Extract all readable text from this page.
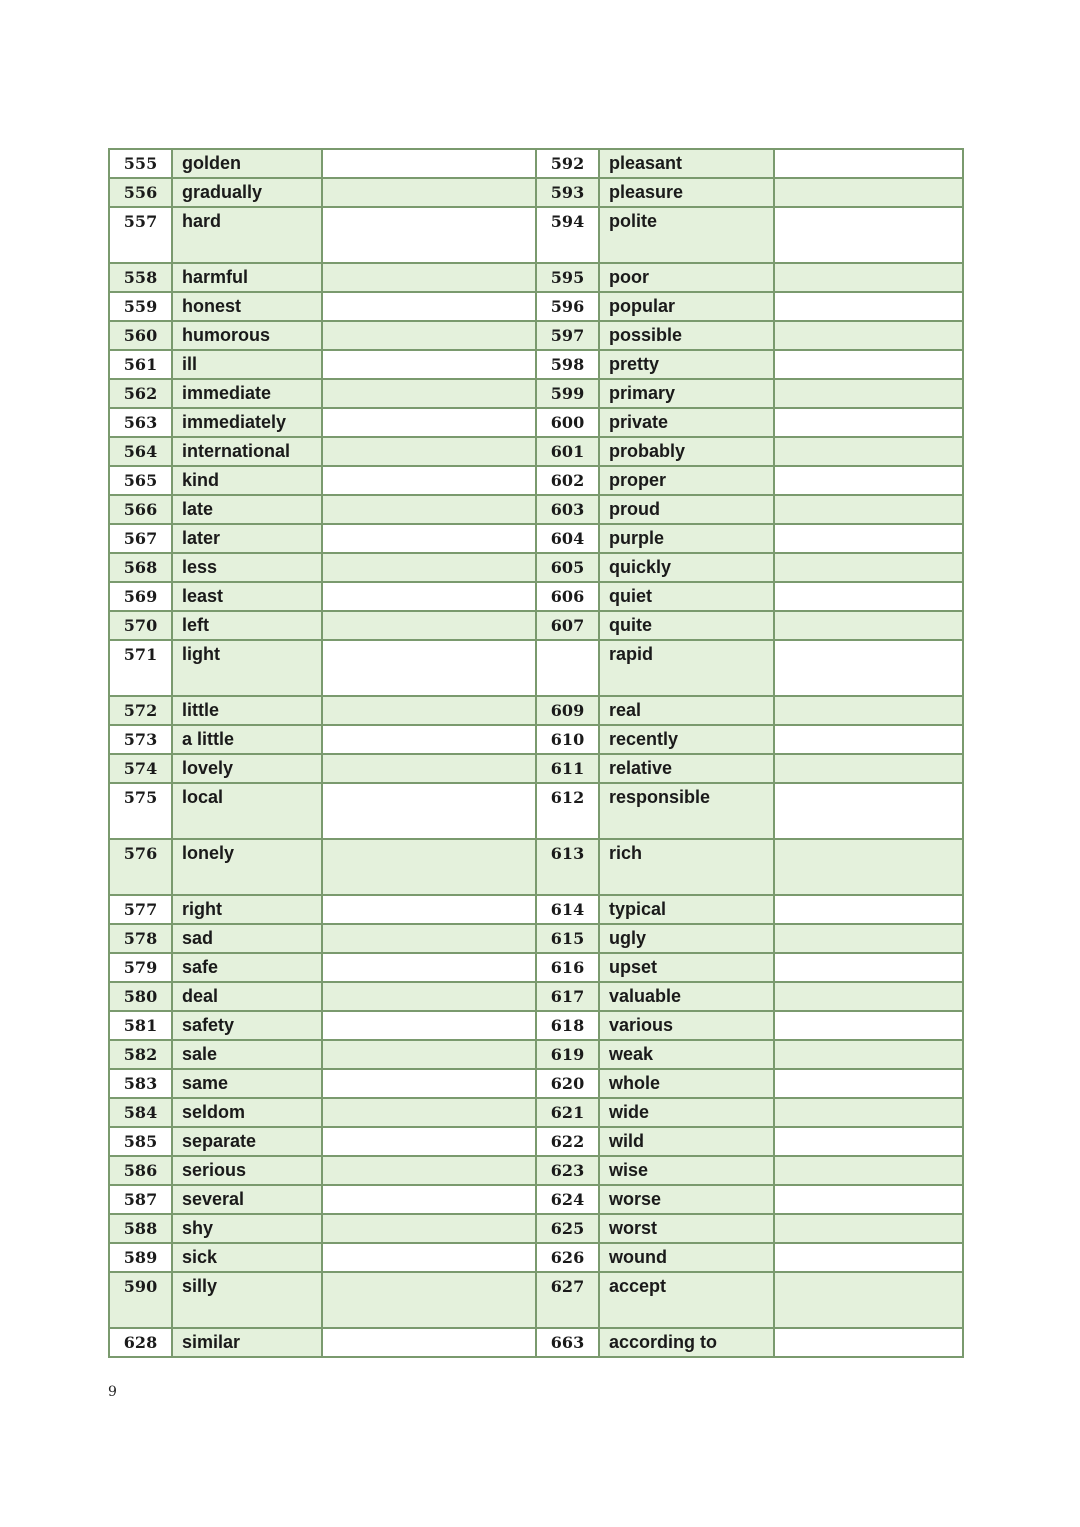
555	golden		592	pleasant	
556	gradually		593	pleasure	
557	hard		594	polite	
558	harmful		595	poor	
559	honest		596	popular	
560	humorous		597	possible	
561	ill		598	pretty	
562	immediate		599	primary	
563	immediately		600	private	
564	international		601	probably	
565	kind		602	proper	
566	late		603	proud	
567	later		604	purple	
568	less		605	quickly	
569	least		606	quiet	
570	left		607	quite	
571	light			rapid	
572	little		609	real	
573	a little		610	recently	
574	lovely		611	relative	
575	local		612	responsible	
576	lonely		613	rich	
577	right		614	typical	
578	sad		615	ugly	
579	safe		616	upset	
580	deal		617	valuable	
581	safety		618	various	
582	sale		619	weak	
583	same		620	whole	
584	seldom		621	wide	
585	separate		622	wild	
586	serious		623	wise	
587	several		624	worse	
588	shy		625	worst	
589	sick		626	wound	
590	silly		627	accept	
628	similar		663	according to	
9
